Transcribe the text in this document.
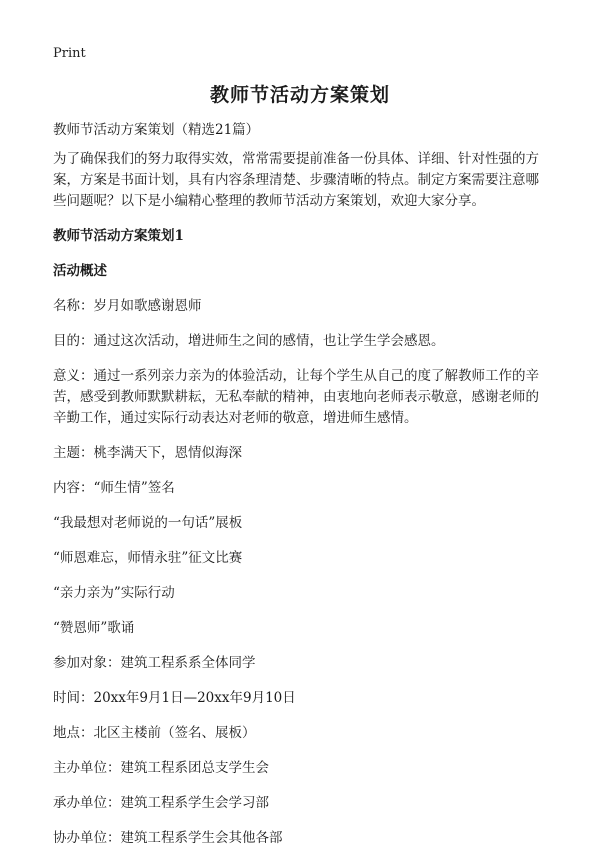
Print
教师节活动方案策划

教师节活动方案策划（精选21篇）

为了确保我们的努力取得实效，常常需要提前准备一份具体、详细、针对性强的方案，方案是书面计划，具有内容条理清楚、步骤清晰的特点。制定方案需要注意哪些问题呢？以下是小编精心整理的教师节活动方案策划，欢迎大家分享。

教师节活动方案策划1

活动概述

名称：岁月如歌感谢恩师

目的：通过这次活动，增进师生之间的感情，也让学生学会感恩。

意义：通过一系列亲力亲为的体验活动，让每个学生从自己的度了解教师工作的辛苦，感受到教师默默耕耘，无私奉献的精神，由衷地向老师表示敬意，感谢老师的辛勤工作，通过实际行动表达对老师的敬意，增进师生感情。

主题：桃李满天下，恩情似海深

内容：“师生情”签名

“我最想对老师说的一句话”展板

“师恩难忘，师情永驻”征文比赛

“亲力亲为”实际行动

“赞恩师”歌诵

参加对象：建筑工程系系全体同学

时间：20xx年9月1日—20xx年9月10日

地点：北区主楼前（签名、展板）

主办单位：建筑工程系团总支学生会

承办单位：建筑工程系学生会学习部

协办单位：建筑工程系学生会其他各部
